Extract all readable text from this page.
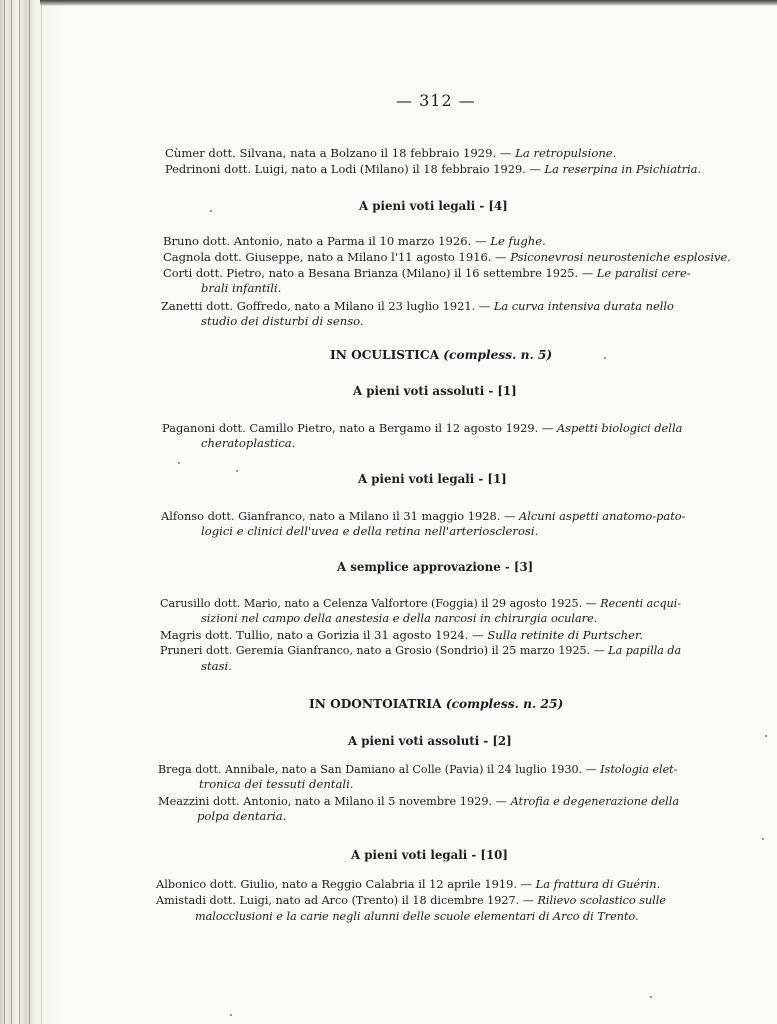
— 312 —
Cùmer dott. Silvana, nata a Bolzano il 18 febbraio 1929. — La retropulsione.
Pedrinoni dott. Luigi, nato a Lodi (Milano) il 18 febbraio 1929. — La reserpina in Psichiatria.
A pieni voti legali - [4]
Bruno dott. Antonio, nato a Parma il 10 marzo 1926. — Le fughe.
Cagnola dott. Giuseppe, nato a Milano l'11 agosto 1916. — Psiconevrosi neurosteniche esplosive.
Corti dott. Pietro, nato a Besana Brianza (Milano) il 16 settembre 1925. — Le paralisi cere-
brali infantili.
Zanetti dott. Goffredo, nato a Milano il 23 luglio 1921. — La curva intensiva durata nello
studio dei disturbi di senso.
IN OCULISTICA (compless. n. 5)
A pieni voti assoluti - [1]
Paganoni dott. Camillo Pietro, nato a Bergamo il 12 agosto 1929. — Aspetti biologici della
cheratoplastica.
A pieni voti legali - [1]
Alfonso dott. Gianfranco, nato a Milano il 31 maggio 1928. — Alcuni aspetti anatomo-pato-
logici e clinici dell'uvea e della retina nell'arteriosclerosi.
A semplice approvazione - [3]
Carusillo dott. Mario, nato a Celenza Valfortore (Foggia) il 29 agosto 1925. — Recenti acqui-
sizioni nel campo della anestesia e della narcosi in chirurgia oculare.
Magris dott. Tullio, nato a Gorizia il 31 agosto 1924. — Sulla retinite di Purtscher.
Pruneri dott. Geremia Gianfranco, nato a Grosio (Sondrio) il 25 marzo 1925. — La papilla da
stasi.
IN ODONTOIATRIA (compless. n. 25)
A pieni voti assoluti - [2]
Brega dott. Annibale, nato a San Damiano al Colle (Pavia) il 24 luglio 1930. — Istologia elet-
tronica dei tessuti dentali.
Meazzini dott. Antonio, nato a Milano il 5 novembre 1929. — Atrofia e degenerazione della
polpa dentaria.
A pieni voti legali - [10]
Albonico dott. Giulio, nato a Reggio Calabria il 12 aprile 1919. — La frattura di Guérin.
Amistadi dott. Luigi, nato ad Arco (Trento) il 18 dicembre 1927. — Rilievo scolastico sulle
malocclusioni e la carie negli alunni delle scuole elementari di Arco di Trento.
